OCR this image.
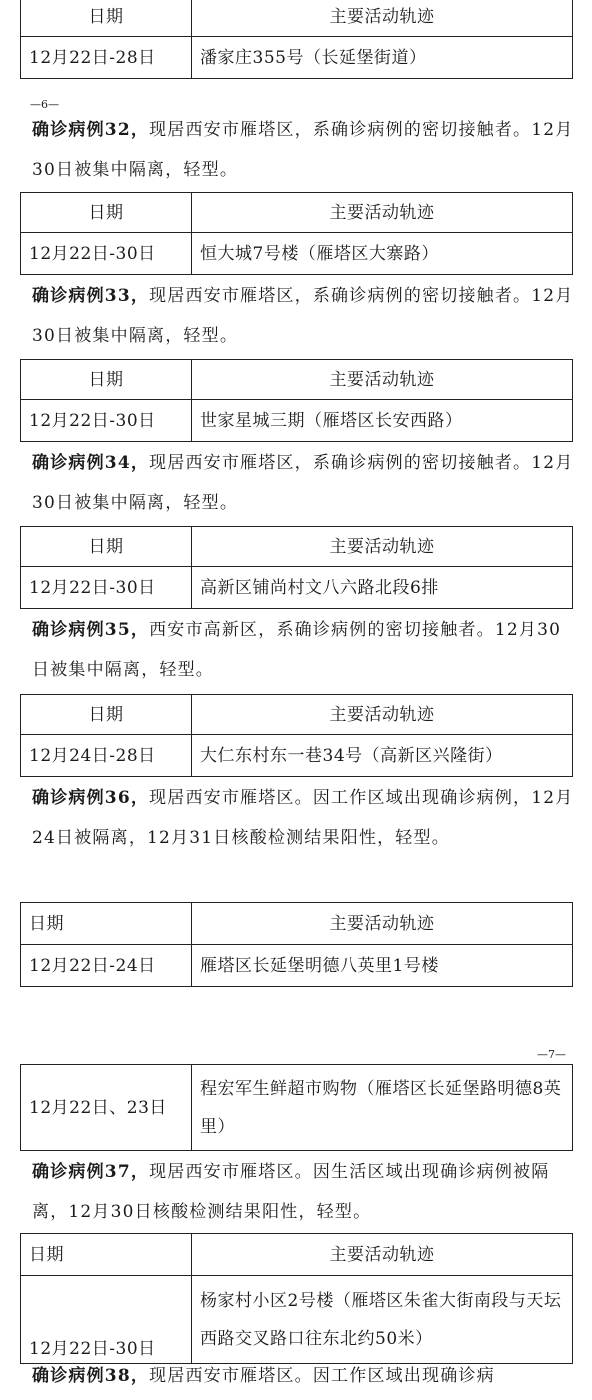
日期	主要活动轨迹
12月22日-28日	潘家庄355号（长延堡街道）
—6—

确诊病例32，现居西安市雁塔区，系确诊病例的密切接触者。12月30日被集中隔离，轻型。

日期	主要活动轨迹
12月22日-30日	恒大城7号楼（雁塔区大寨路）

确诊病例33，现居西安市雁塔区，系确诊病例的密切接触者。12月30日被集中隔离，轻型。

日期	主要活动轨迹
12月22日-30日	世家星城三期（雁塔区长安西路）

确诊病例34，现居西安市雁塔区，系确诊病例的密切接触者。12月30日被集中隔离，轻型。

日期	主要活动轨迹
12月22日-30日	高新区铺尚村文八六路北段6排

确诊病例35，西安市高新区，系确诊病例的密切接触者。12月30日被集中隔离，轻型。

日期	主要活动轨迹
12月24日-28日	大仁东村东一巷34号（高新区兴隆街）

确诊病例36，现居西安市雁塔区。因工作区域出现确诊病例，12月24日被隔离，12月31日核酸检测结果阳性，轻型。

日期	主要活动轨迹
12月22日-24日	雁塔区长延堡明德八英里1号楼
—7—
12月22日、23日	程宏军生鲜超市购物（雁塔区长延堡路明德8英里）

确诊病例37，现居西安市雁塔区。因生活区域出现确诊病例被隔离，12月30日核酸检测结果阳性，轻型。

日期	主要活动轨迹
12月22日-30日	杨家村小区2号楼（雁塔区朱雀大街南段与天坛西路交叉路口往东北约50米）

确诊病例38，现居西安市雁塔区。因工作区域出现确诊病
